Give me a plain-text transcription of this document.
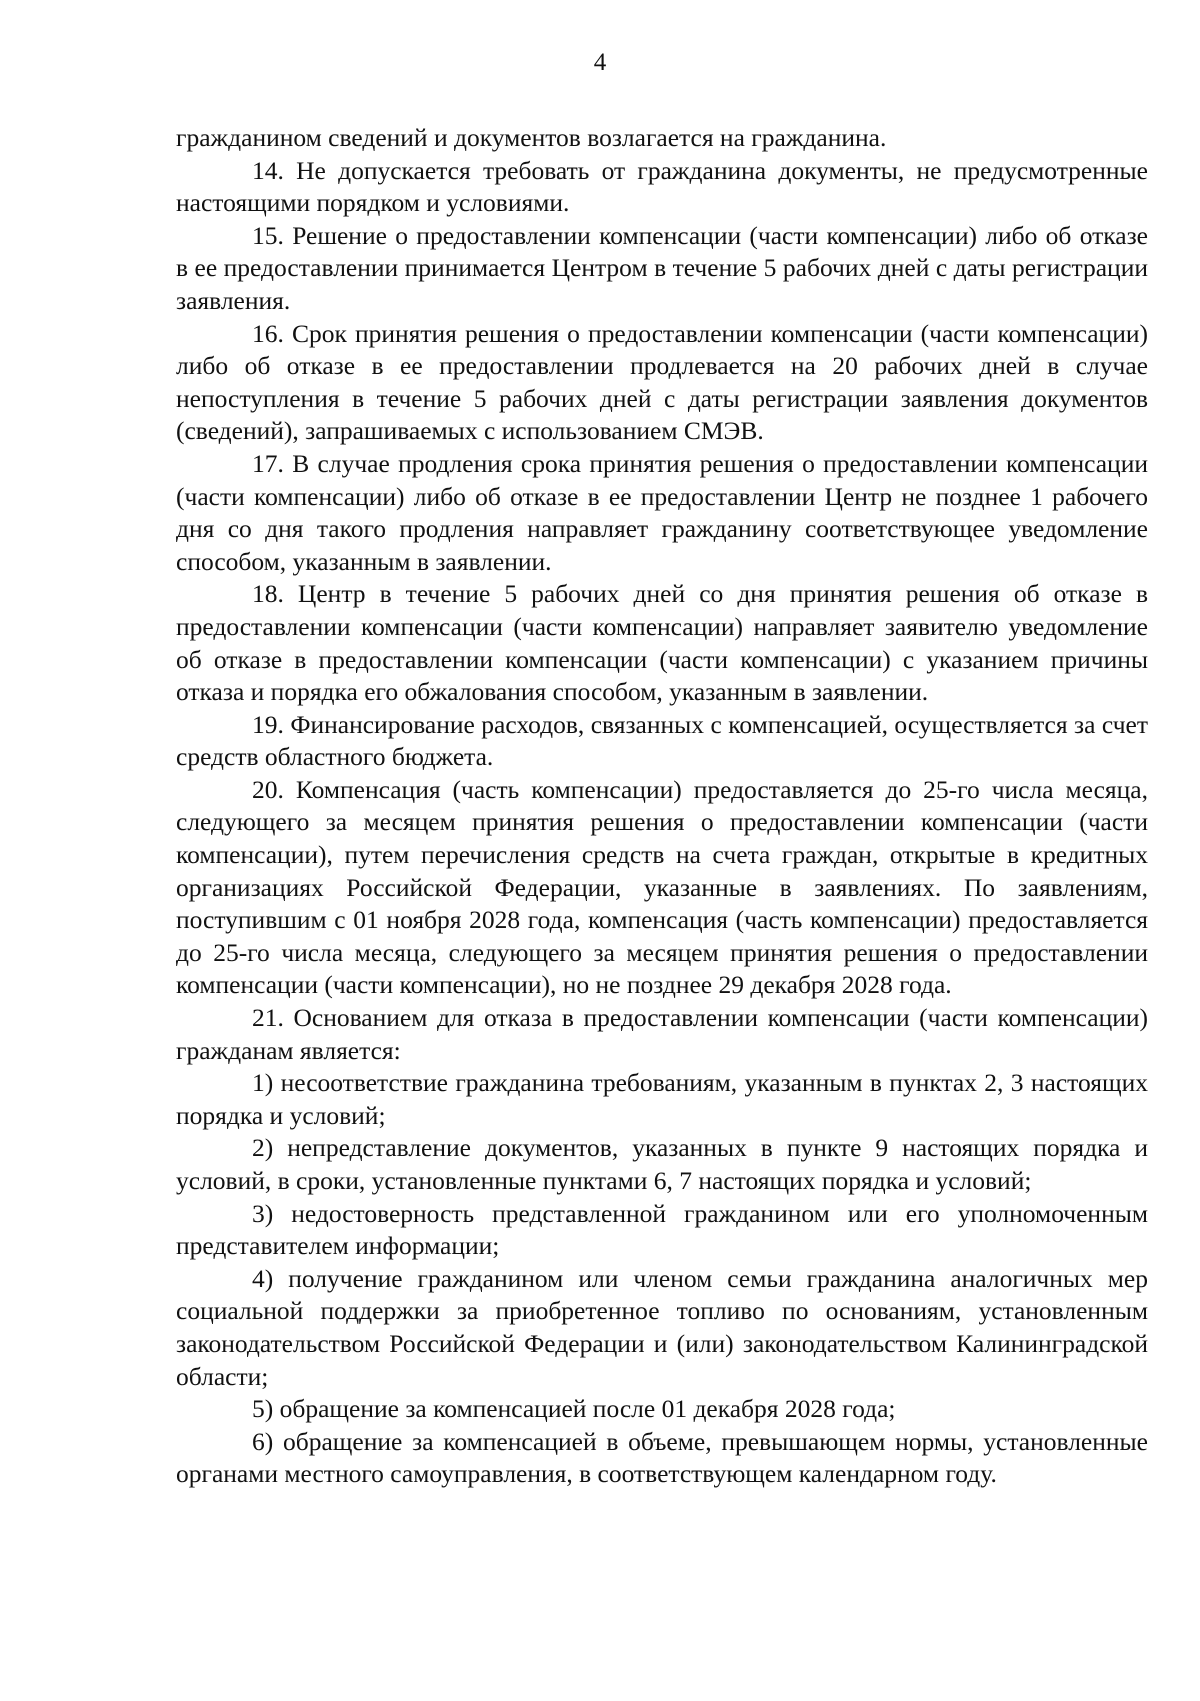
4

гражданином сведений и документов возлагается на гражданина.

14. Не допускается требовать от гражданина документы, не предусмотренные настоящими порядком и условиями.

15. Решение о предоставлении компенсации (части компенсации) либо об отказе в ее предоставлении принимается Центром в течение 5 рабочих дней с даты регистрации заявления.

16. Срок принятия решения о предоставлении компенсации (части компенсации) либо об отказе в ее предоставлении продлевается на 20 рабочих дней в случае непоступления в течение 5 рабочих дней с даты регистрации заявления документов (сведений), запрашиваемых с использованием СМЭВ.

17. В случае продления срока принятия решения о предоставлении компенсации (части компенсации) либо об отказе в ее предоставлении Центр не позднее 1 рабочего дня со дня такого продления направляет гражданину соответствующее уведомление способом, указанным в заявлении.

18. Центр в течение 5 рабочих дней со дня принятия решения об отказе в предоставлении компенсации (части компенсации) направляет заявителю уведомление об отказе в предоставлении компенсации (части компенсации) с указанием причины отказа и порядка его обжалования способом, указанным в заявлении.

19. Финансирование расходов, связанных с компенсацией, осуществляется за счет средств областного бюджета.

20. Компенсация (часть компенсации) предоставляется до 25-го числа месяца, следующего за месяцем принятия решения о предоставлении компенсации (части компенсации), путем перечисления средств на счета граждан, открытые в кредитных организациях Российской Федерации, указанные в заявлениях. По заявлениям, поступившим с 01 ноября 2028 года, компенсация (часть компенсации) предоставляется до 25-го числа месяца, следующего за месяцем принятия решения о предоставлении компенсации (части компенсации), но не позднее 29 декабря 2028 года.

21. Основанием для отказа в предоставлении компенсации (части компенсации) гражданам является:

1) несоответствие гражданина требованиям, указанным в пунктах 2, 3 настоящих порядка и условий;

2) непредставление документов, указанных в пункте 9 настоящих порядка и условий, в сроки, установленные пунктами 6, 7 настоящих порядка и условий;

3) недостоверность представленной гражданином или его уполномоченным представителем информации;

4) получение гражданином или членом семьи гражданина аналогичных мер социальной поддержки за приобретенное топливо по основаниям, установленным законодательством Российской Федерации и (или) законодательством Калининградской области;

5) обращение за компенсацией после 01 декабря 2028 года;

6) обращение за компенсацией в объеме, превышающем нормы, установленные органами местного самоуправления, в соответствующем календарном году.
